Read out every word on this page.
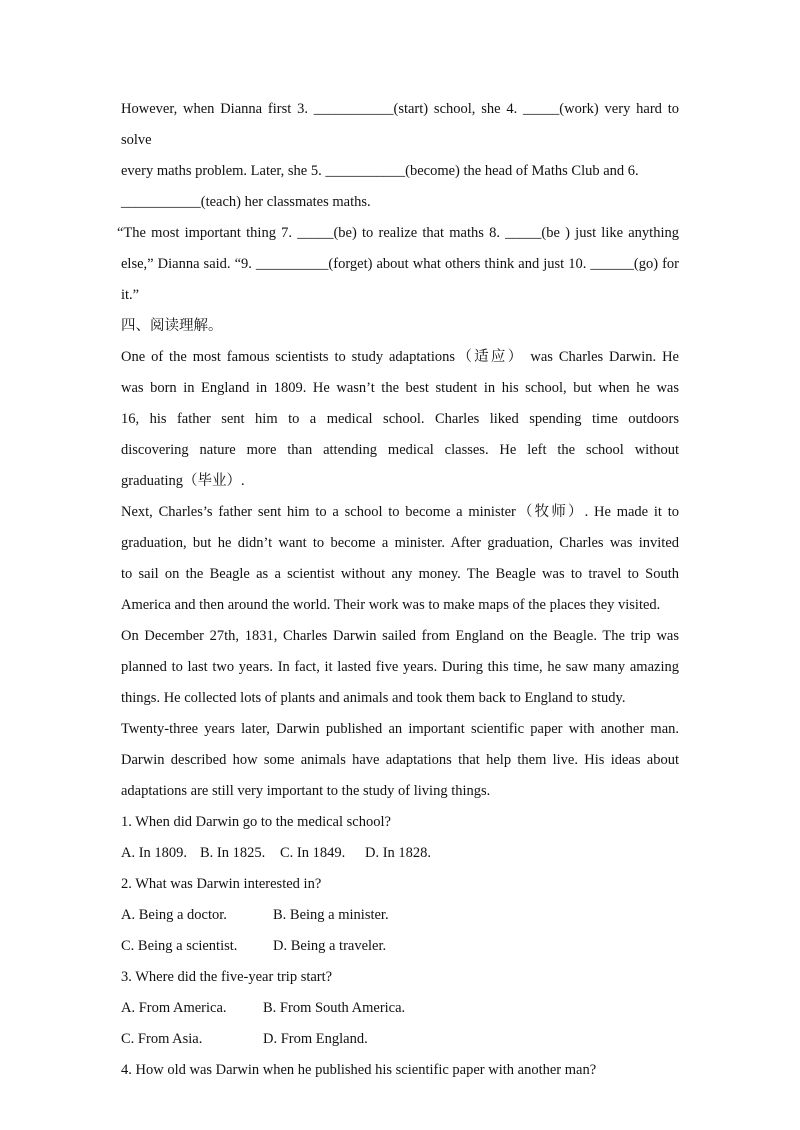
However, when Dianna first 3. ___________(start) school, she 4. _____(work) very hard to solve
every maths problem. Later, she 5. ___________(become) the head of Maths Club and 6.
___________(teach) her classmates maths.
“The most important thing 7. _____(be) to realize that maths 8. _____(be ) just like anything
else,” Dianna said. “9. __________(forget) about what others think and just 10. ______(go) for
it.”
四、阅读理解。
One of the most famous scientists to study adaptations（适应） was Charles Darwin. He
was born in England in 1809. He wasn’t the best student in his school, but when he was
16, his father sent him to a medical school. Charles liked spending time outdoors
discovering nature more than attending medical classes. He left the school without
graduating（毕业）.
Next, Charles’s father sent him to a school to become a minister（牧师）. He made it to
graduation, but he didn’t want to become a minister. After graduation, Charles was invited
to sail on the Beagle as a scientist without any money. The Beagle was to travel to South
America and then around the world. Their work was to make maps of the places they visited.
On December 27th, 1831, Charles Darwin sailed from England on the Beagle. The trip was
planned to last two years. In fact, it lasted five years. During this time, he saw many amazing
things. He collected lots of plants and animals and took them back to England to study.
Twenty-three years later, Darwin published an important scientific paper with another man.
Darwin described how some animals have adaptations that help them live. His ideas about
adaptations are still very important to the study of living things.
1. When did Darwin go to the medical school?
A. In 1809. B. In 1825. C. In 1849. D. In 1828.
2. What was Darwin interested in?
A. Being a doctor.	B. Being a minister.
C. Being a scientist. D. Being a traveler.
3. Where did the five-year trip start?
A. From America.	B. From South America.
C. From Asia.	D. From England.
4. How old was Darwin when he published his scientific paper with another man?
